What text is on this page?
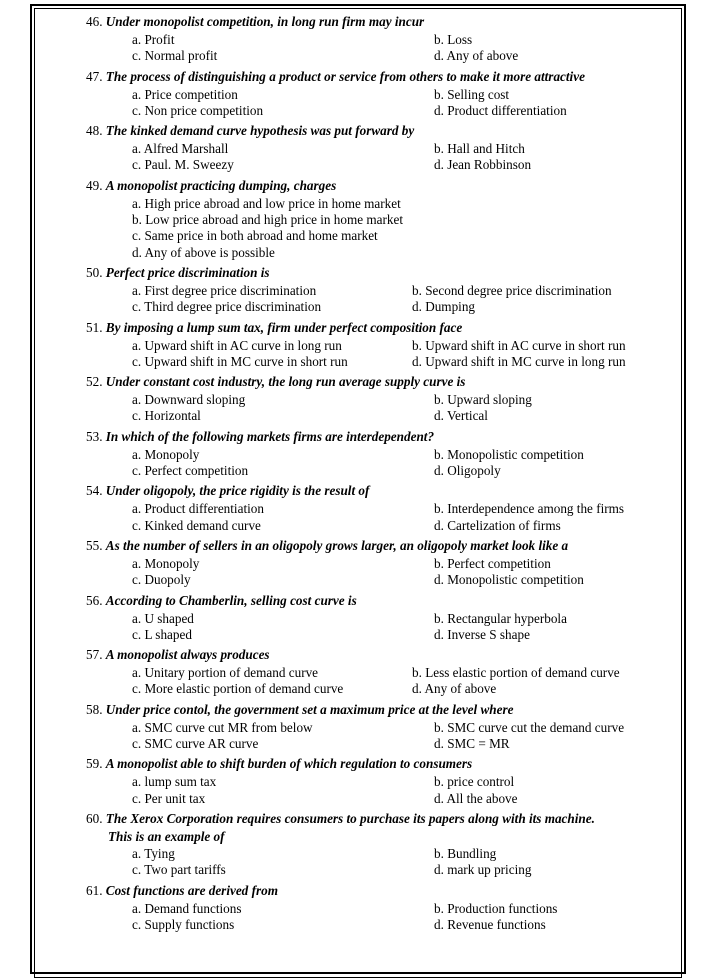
46. Under monopolist competition, in long run firm may incur
a. Profit	b. Loss
c. Normal profit	d. Any of above
47. The process of distinguishing a product or service from others to make it more attractive
a. Price competition	b. Selling cost
c. Non price competition	d. Product differentiation
48. The kinked demand curve hypothesis was put forward by
a. Alfred Marshall	b. Hall and Hitch
c. Paul. M. Sweezy	d. Jean Robbinson
49. A monopolist practicing dumping, charges
a. High price abroad and low price in home market
b. Low price abroad and high price in home market
c. Same price in both abroad and home market
d. Any of above is possible
50. Perfect price discrimination is
a. First degree price discrimination	b. Second degree price discrimination
c. Third degree price discrimination	d. Dumping
51. By imposing a lump sum tax, firm under perfect composition face
a. Upward shift in AC curve in long run	b. Upward shift in AC curve in short run
c. Upward shift in MC curve in short run	d. Upward shift in MC curve in long run
52. Under constant cost industry, the long run average supply curve is
a. Downward sloping	b. Upward sloping
c. Horizontal	d. Vertical
53. In which of the following markets firms are interdependent?
a. Monopoly	b. Monopolistic competition
c. Perfect competition	d. Oligopoly
54. Under oligopoly, the price rigidity is the result of
a. Product differentiation	b. Interdependence among the firms
c. Kinked demand curve	d. Cartelization of firms
55. As the number of sellers in an oligopoly grows larger, an oligopoly market look like a
a. Monopoly	b. Perfect competition
c. Duopoly	d. Monopolistic competition
56. According to Chamberlin, selling cost curve is
a. U shaped	b. Rectangular hyperbola
c. L shaped	d. Inverse S shape
57. A monopolist always produces
a. Unitary portion of demand curve	b. Less elastic portion of demand curve
c. More elastic portion of demand curve	d. Any of above
58. Under price contol, the government set a maximum price at the level where
a. SMC curve cut MR from below	b. SMC curve cut the demand curve
c. SMC curve AR curve	d. SMC = MR
59. A monopolist able to shift burden of which regulation to consumers
a. lump sum tax	b. price control
c. Per unit tax	d. All the above
60. The Xerox Corporation requires consumers to purchase its papers along with its machine.
This is an example of
a. Tying	b. Bundling
c. Two part tariffs	d. mark up pricing
61. Cost functions are derived from
a. Demand functions	b. Production functions
c. Supply functions	d. Revenue functions
